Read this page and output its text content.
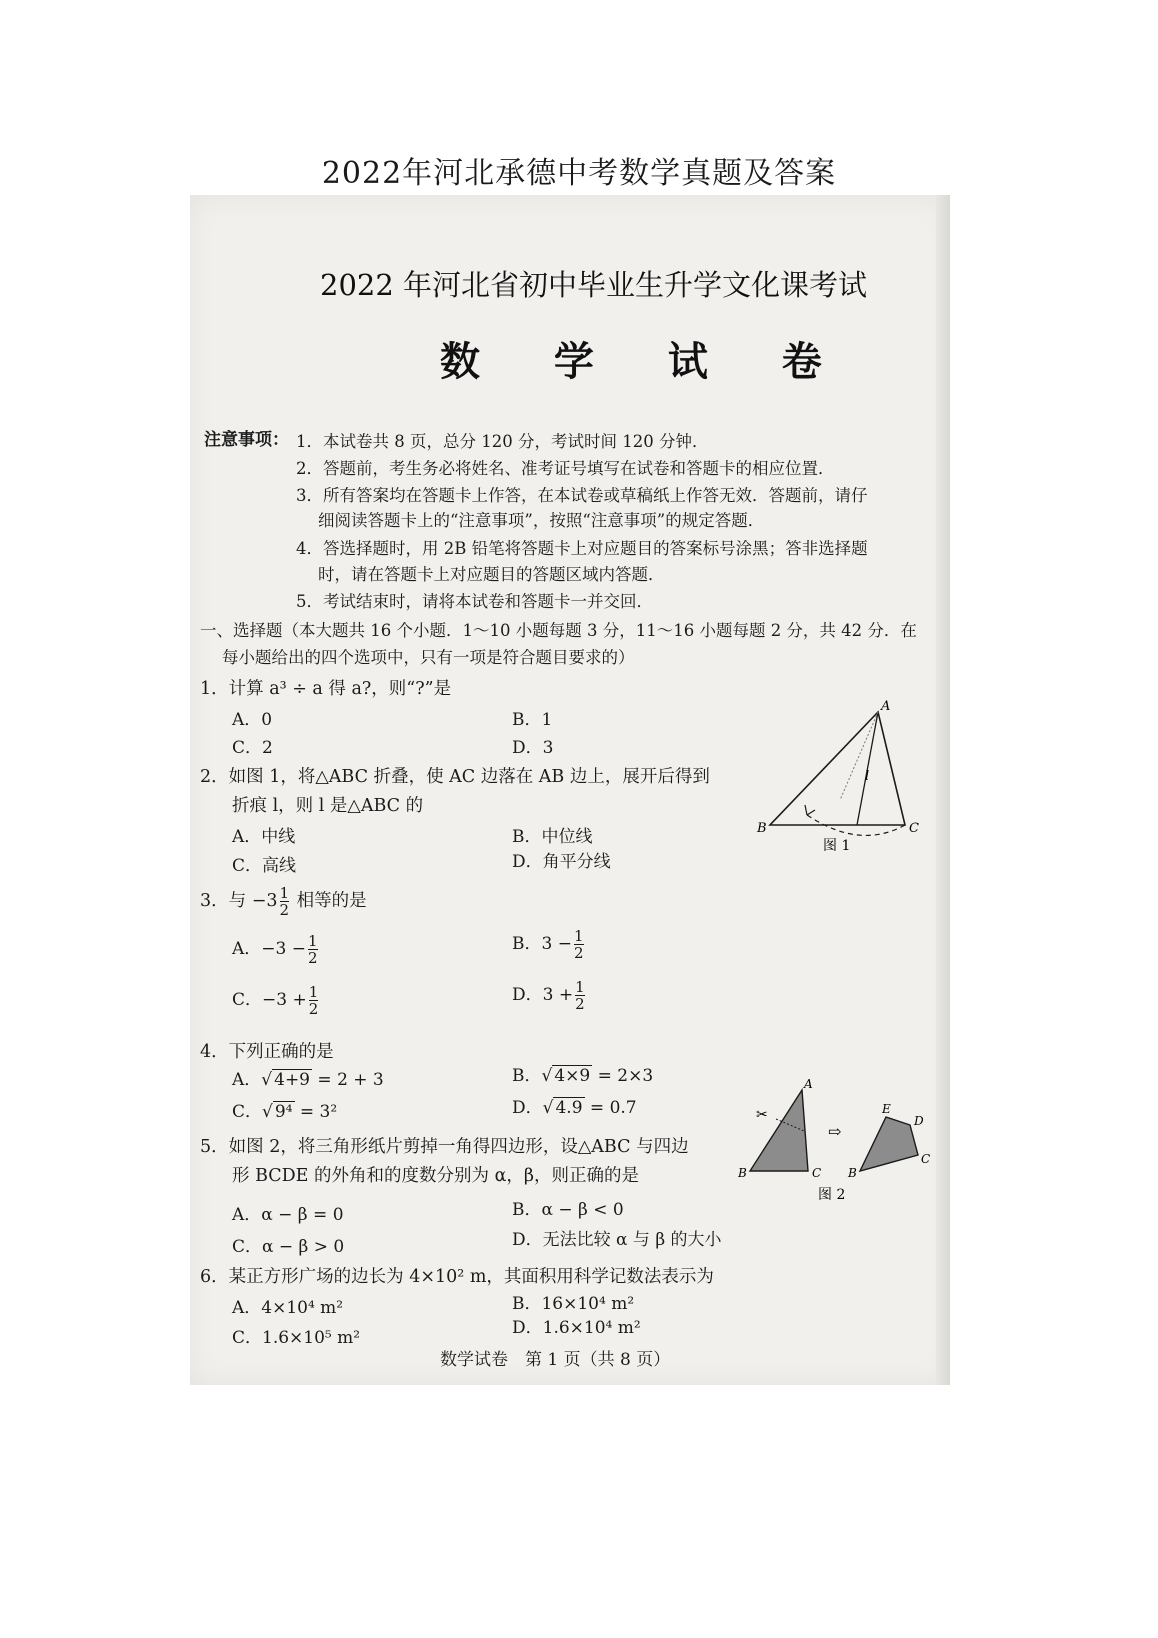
2022年河北承德中考数学真题及答案
2022 年河北省初中毕业生升学文化课考试
数 学 试 卷
注意事项： 1．本试卷共 8 页，总分 120 分，考试时间 120 分钟．
2．答题前，考生务必将姓名、准考证号填写在试卷和答题卡的相应位置．
3．所有答案均在答题卡上作答，在本试卷或草稿纸上作答无效．答题前，请仔
细阅读答题卡上的“注意事项”，按照“注意事项”的规定答题．
4．答选择题时，用 2B 铅笔将答题卡上对应题目的答案标号涂黑；答非选择题
时，请在答题卡上对应题目的答题区域内答题．
5．考试结束时，请将本试卷和答题卡一并交回．
一、选择题（本大题共 16 个小题．1～10 小题每题 3 分，11～16 小题每题 2 分，共 42 分．在
每小题给出的四个选项中，只有一项是符合题目要求的）
1．计算 a³ ÷ a 得 a?，则“?”是
A．0	B．1
C．2	D．3
2．如图 1，将△ABC 折叠，使 AC 边落在 AB 边上，展开后得到
折痕 l，则 l 是△ABC 的
A．中线	B．中位线
C．高线	D．角平分线
A
B	C
l
图 1
3．与 $-3 \frac{1}{2}$ 相等的是
A．$-3 - \frac{1}{2}$	B．$3 - \frac{1}{2}$
C．$-3 + \frac{1}{2}$	D．$3 + \frac{1}{2}$
4．下列正确的是
A．√ 4+9 = 2 + 3	B．√ 4×9 = 2×3
C．√ 9⁴ = 3²	D．√ 4.9 = 0.7
5．如图 2，将三角形纸片剪掉一角得四边形，设△ABC 与四边
形 BCDE 的外角和的度数分别为 α，β，则正确的是
A．α − β = 0	B．α − β < 0
C．α − β > 0	D．无法比较 α 与 β 的大小
✂
⇨
A
B	C B
C
D
E
图 2
6．某正方形广场的边长为 4×10² m，其面积用科学记数法表示为
A．4×10⁴ m²	B．16×10⁴ m²
C．1.6×10⁵ m²	D．1.6×10⁴ m²
数学试卷　第 1 页（共 8 页）
